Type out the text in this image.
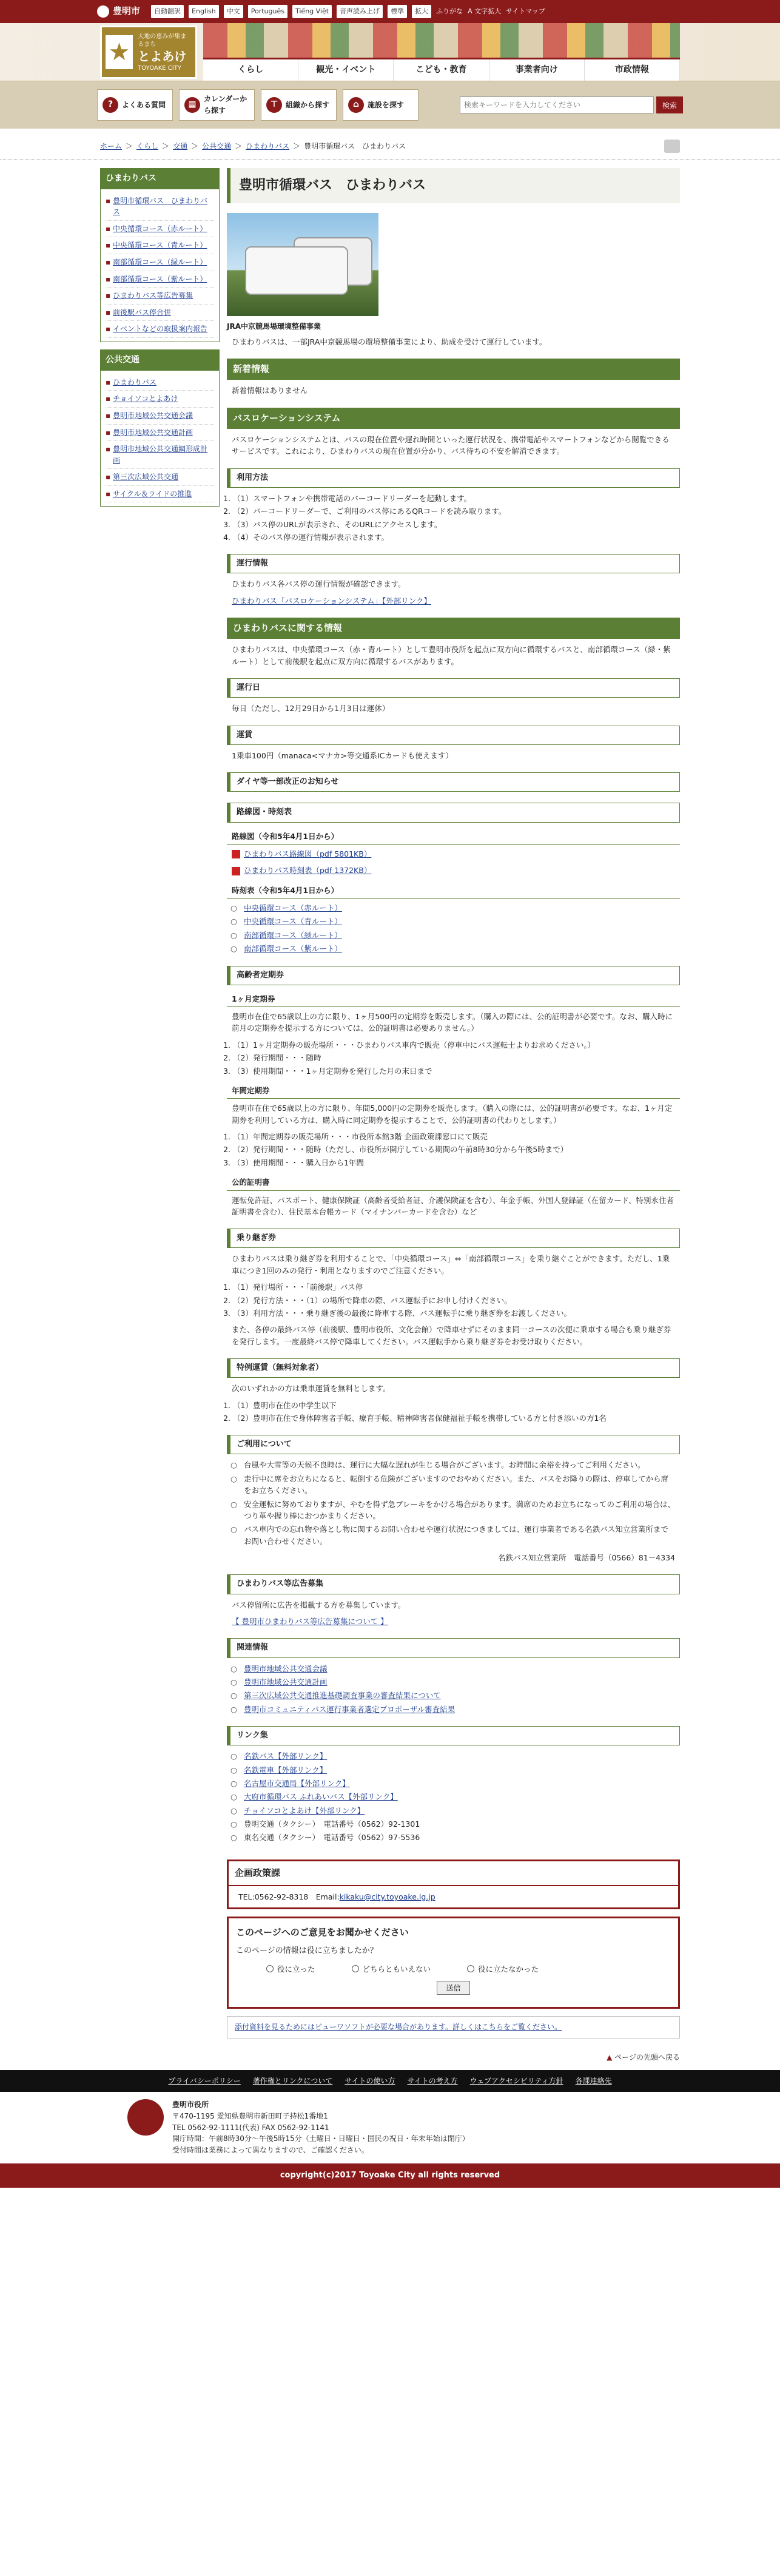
豊明市	自動翻訳	English	中文	Português	Tiếng Việt	音声読み上げ	標準	拡大	ふりがな A 文字拡大 サイトマップ
★
大地の恵みが集まるまち
とよあけ
TOYOAKE CITY	くらし	観光・イベント	こども・教育	事業者向け	市政情報
?	よくある質問	▦
カレンダーから探す
⊤	組織から探す	⌂	施設を探す
検索キーワードを入力してください	検索
ホーム ＞ くらし ＞ 交通 ＞ 公共交通 ＞ ひまわりバス ＞ 豊明市循環バス　ひまわりバス
ひまわりバス
▪ 豊明市循環バス　ひまわりバス
▪ 中央循環コース（赤ルート）
▪ 中央循環コース（青ルート）
▪ 南部循環コース（緑ルート）
▪ 南部循環コース（紫ルート）
▪ ひまわりバス等広告募集
▪ 前後駅バス停合併
▪ イベントなどの取扱案内報告
公共交通
▪ ひまわりバス
▪ チョイソコとよあけ
▪ 豊明市地域公共交通会議
▪ 豊明市地域公共交通計画
▪ 豊明市地域公共交通網形成計画
▪ 第三次広域公共交通
▪ サイクル＆ライドの推進
豊明市循環バス　ひまわりバス
JRA中京競馬場環境整備事業

ひまわりバスは、一部JRA中京競馬場の環境整備事業により、助成を受けて運行しています。

新着情報

新着情報はありません

バスロケーションシステム

バスロケーションシステムとは、バスの現在位置や遅れ時間といった運行状況を、携帯電話やスマートフォンなどから閲覧できるサービスです。これにより、ひまわりバスの現在位置が分かり、バス待ちの不安を解消できます。

利用方法
1. （1）スマートフォンや携帯電話のバーコードリーダーを起動します。
2. （2）バーコードリーダーで、ご利用のバス停にあるQRコードを読み取ります。
3. （3）バス停のURLが表示され、そのURLにアクセスします。
4. （4）そのバス停の運行情報が表示されます。
運行情報

ひまわりバス各バス停の運行情報が確認できます。

ひまわりバス「バスロケーションシステム」【外部リンク】

ひまわりバスに関する情報

ひまわりバスは、中央循環コース（赤・青ルート）として豊明市役所を起点に双方向に循環するバスと、南部循環コース（緑・紫ルート）として前後駅を起点に双方向に循環するバスがあります。

運行日

毎日（ただし、12月29日から1月3日は運休）

運賃

1乗車100円（manaca<マナカ>等交通系ICカードも使えます）

ダイヤ等一部改正のお知らせ
路線図・時刻表
路線図（令和5年4月1日から）

ひまわりバス路線図（pdf 5801KB）

ひまわりバス時刻表（pdf 1372KB）

時刻表（令和5年4月1日から）
○ 中央循環コース（赤ルート）
○ 中央循環コース（青ルート）
○ 南部循環コース（緑ルート）
○ 南部循環コース（紫ルート）
高齢者定期券
1ヶ月定期券

豊明市在住で65歳以上の方に限り、1ヶ月500円の定期券を販売します。（購入の際には、公的証明書が必要です。なお、購入時に前月の定期券を提示する方については、公的証明書は必要ありません。）

1. （1）1ヶ月定期券の販売場所・・・ひまわりバス車内で販売（停車中にバス運転士よりお求めください。）
2. （2）発行期間・・・随時
3. （3）使用期間・・・1ヶ月定期券を発行した月の末日まで
年間定期券

豊明市在住で65歳以上の方に限り、年間5,000円の定期券を販売します。（購入の際には、公的証明書が必要です。なお、1ヶ月定期券を利用している方は、購入時に同定期券を提示することで、公的証明書の代わりとします。）

1. （1）年間定期券の販売場所・・・市役所本館3階 企画政策課窓口にて販売
2. （2）発行期間・・・随時（ただし、市役所が開庁している期間の午前8時30分から午後5時まで）
3. （3）使用期間・・・購入日から1年間
公的証明書

運転免許証、パスポート、健康保険証（高齢者受給者証、介護保険証を含む）、年金手帳、外国人登録証（在留カード、特別永住者証明書を含む）、住民基本台帳カード（マイナンバーカードを含む）など

乗り継ぎ券

ひまわりバスは乗り継ぎ券を利用することで、「中央循環コース」⇔「南部循環コース」を乗り継ぐことができます。ただし、1乗車につき1回のみの発行・利用となりますのでご注意ください。

1. （1）発行場所・・・「前後駅」バス停
2. （2）発行方法・・・（1）の場所で降車の際、バス運転手にお申し付けください。
3. （3）利用方法・・・乗り継ぎ後の最後に降車する際、バス運転手に乗り継ぎ券をお渡しください。

また、各停の最終バス停（前後駅、豊明市役所、文化会館）で降車せずにそのまま同一コースの次便に乗車する場合も乗り継ぎ券を発行します。一度最終バス停で降車してください。バス運転手から乗り継ぎ券をお受け取りください。

特例運賃（無料対象者）

次のいずれかの方は乗車運賃を無料とします。

1. （1）豊明市在住の中学生以下
2. （2）豊明市在住で身体障害者手帳、療育手帳、精神障害者保健福祉手帳を携帯している方と付き添いの方1名
ご利用について
○ 台風や大雪等の天候不良時は、運行に大幅な遅れが生じる場合がございます。お時間に余裕を持ってご利用ください。
○ 走行中に席をお立ちになると、転倒する危険がございますのでおやめください。また、バスをお降りの際は、停車してから席をお立ちください。
○ 安全運転に努めておりますが、やむを得ず急ブレーキをかける場合があります。満席のためお立ちになってのご利用の場合は、つり革や握り棒におつかまりください。
○ バス車内での忘れ物や落とし物に関するお問い合わせや運行状況につきましては、運行事業者である名鉄バス知立営業所までお問い合わせください。

名鉄バス知立営業所　電話番号（0566）81－4334

ひまわりバス等広告募集

バス停留所に広告を掲載する方を募集しています。

【 豊明市ひまわりバス等広告募集について 】

関連情報
○ 豊明市地域公共交通会議
○ 豊明市地域公共交通計画
○ 第三次広域公共交通推進基礎調査事業の審査結果について
○ 豊明市コミュニティバス運行事業者選定プロポーザル審査結果
リンク集
○ 名鉄バス【外部リンク】
○ 名鉄電車【外部リンク】
○ 名古屋市交通局【外部リンク】
○ 大府市循環バス ふれあいバス【外部リンク】
○ チョイソコとよあけ【外部リンク】
○ 豊明交通（タクシー）　電話番号（0562）92-1301
○ 東名交通（タクシー）　電話番号（0562）97-5536
企画政策課
TEL:0562-92-8318　Email:kikaku@city.toyoake.lg.jp
このページへのご意見をお聞かせください
このページの情報は役に立ちましたか？
役に立った	どちらともいえない	役に立たなかった
送信
添付資料を見るためにはビューワソフトが必要な場合があります。詳しくはこちらをご覧ください。
▲ ページの先頭へ戻る
プライバシーポリシー 著作権とリンクについて サイトの使い方 サイトの考え方 ウェブアクセシビリティ方針 各課連絡先
豊明市役所
〒470-1195 愛知県豊明市新田町子持松1番地1
TEL 0562-92-1111(代表) FAX 0562-92-1141
開庁時間：午前8時30分〜午後5時15分（土曜日・日曜日・国民の祝日・年末年始は閉庁）
受付時間は業務によって異なりますので、ご確認ください。
copyright(c)2017 Toyoake City all rights reserved
